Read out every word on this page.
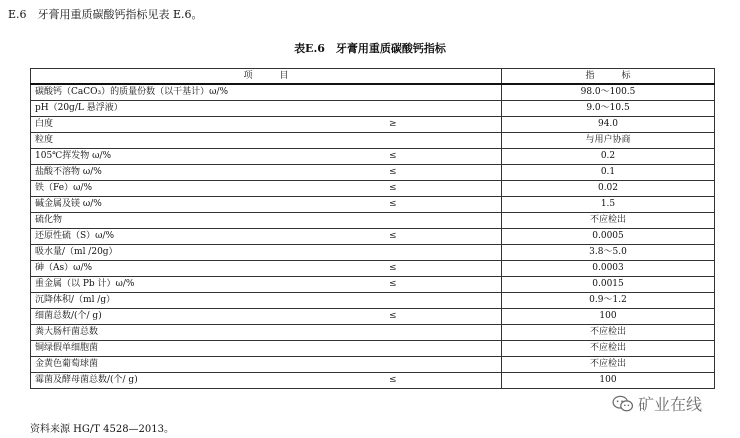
E.6　牙膏用重质碳酸钙指标见表 E.6。
表E.6　牙膏用重质碳酸钙指标
项　　　目	指　　　标
碳酸钙（CaCO₃）的质量份数（以干基计）ω/%	98.0～100.5
pH（20g/L 悬浮液）	9.0～10.5
白度 ≥	94.0
粒度	与用户协商
105℃挥发物 ω/% ≤	0.2
盐酸不溶物 ω/% ≤	0.1
铁（Fe）ω/% ≤	0.02
碱金属及镁 ω/% ≤	1.5
硫化物	不应检出
还原性硫（S）ω/% ≤	0.0005
吸水量/（ml /20g）	3.8～5.0
砷（As）ω/% ≤	0.0003
重金属（以 Pb 计）ω/% ≤	0.0015
沉降体积/（ml /g）	0.9～1.2
细菌总数/(个/ g) ≤	100
粪大肠杆菌总数	不应检出
铜绿假单细胞菌	不应检出
金黄色葡萄球菌	不应检出
霉菌及酵母菌总数/(个/ g) ≤	100
资料来源 HG/T 4528—2013。
矿业在线
